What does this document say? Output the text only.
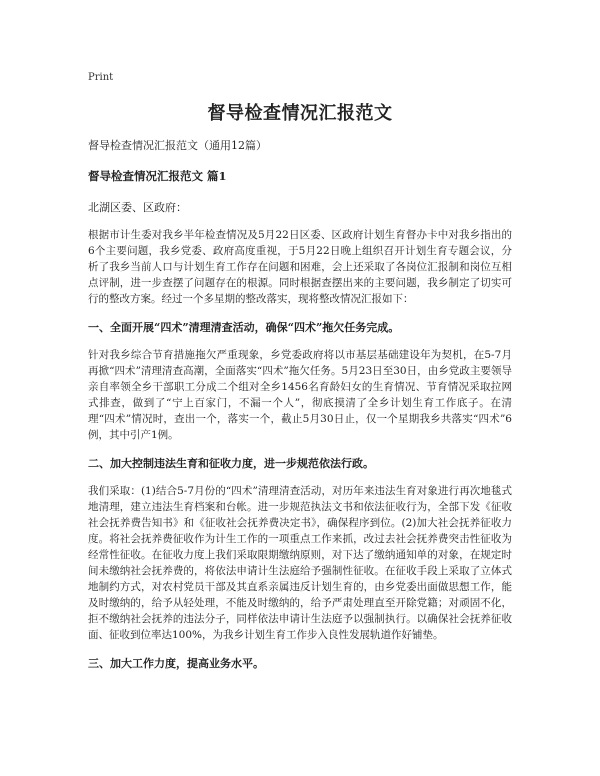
Print
督导检查情况汇报范文
督导检查情况汇报范文（通用12篇）
督导检查情况汇报范文 篇1
北湖区委、区政府：

根据市计生委对我乡半年检查情况及5月22日区委、区政府计划生育督办卡中对我乡指出的6个主要问题，我乡党委、政府高度重视，于5月22日晚上组织召开计划生育专题会议，分析了我乡当前人口与计划生育工作存在问题和困难，会上还采取了各岗位汇报制和岗位互相点评制，进一步查摆了问题存在的根源。同时根据查摆出来的主要问题，我乡制定了切实可行的整改方案。经过一个多星期的整改落实，现将整改情况汇报如下：

一、全面开展“四术”清理清查活动，确保“四术”拖欠任务完成。

针对我乡综合节育措施拖欠严重现象，乡党委政府将以市基层基础建设年为契机，在5-7月再掀“四术”清理清查高潮，全面落实“四术”拖欠任务。5月23日至30日，由乡党政主要领导亲自率领全乡干部职工分成二个组对全乡1456名育龄妇女的生育情况、节育情况采取拉网式排查，做到了“宁上百家门，不漏一个人”，彻底摸清了全乡计划生育工作底子。在清理“四术”情况时，查出一个，落实一个，截止5月30日止，仅一个星期我乡共落实“四术”6例，其中引产1例。

二、加大控制违法生育和征收力度，进一步规范依法行政。

我们采取：(1)结合5-7月份的“四术”清理清查活动，对历年来违法生育对象进行再次地毯式地清理，建立违法生育档案和台帐。进一步规范执法文书和依法征收行为，全部下发《征收社会抚养费告知书》和《征收社会抚养费决定书》，确保程序到位。(2)加大社会抚养征收力度。将社会抚养费征收作为计生工作的一项重点工作来抓，改过去社会抚养费突击性征收为经常性征收。在征收力度上我们采取限期缴纳原则，对下达了缴纳通知单的对象，在规定时间未缴纳社会抚养费的，将依法申请计生法庭给予强制性征收。在征收手段上采取了立体式地制约方式，对农村党员干部及其直系亲属违反计划生育的，由乡党委出面做思想工作，能及时缴纳的，给予从轻处理，不能及时缴纳的，给予严肃处理直至开除党籍；对顽固不化，拒不缴纳社会抚养的违法分子，同样依法申请计生法庭予以强制执行。以确保社会抚养征收面、征收到位率达100%，为我乡计划生育工作步入良性发展轨道作好铺垫。

三、加大工作力度，提高业务水平。
